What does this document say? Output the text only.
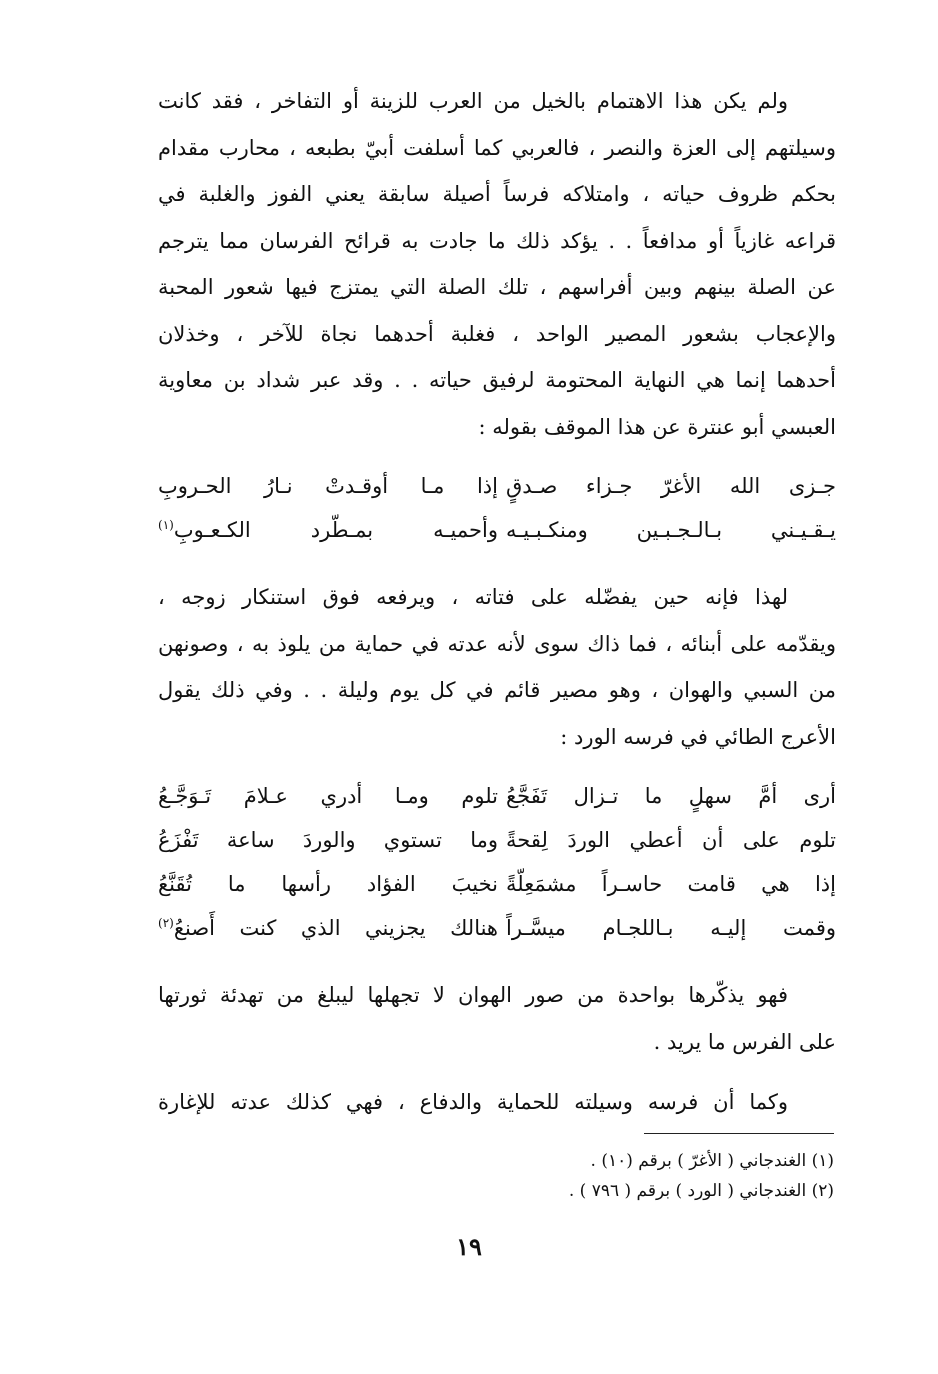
ولم يكن هذا الاهتمام بالخيل من العرب للزينة أو التفاخر ، فقد كانت
وسيلتهم إلى العزة والنصر ، فالعربي كما أسلفت أبيّ بطبعه ، محارب مقدام
بحكم ظروف حياته ، وامتلاكه فرساً أصيلة سابقة يعني الفوز والغلبة في
قراعه غازياً أو مدافعاً . . يؤكد ذلك ما جادت به قرائح الفرسان مما يترجم
عن الصلة بينهم وبين أفراسهم ، تلك الصلة التي يمتزج فيها شعور المحبة
والإعجاب بشعور المصير الواحد ، فغلبة أحدهما نجاة للآخر ، وخذلان
أحدهما إنما هي النهاية المحتومة لرفيق حياته . . وقد عبر شداد بن معاوية
العبسي أبو عنترة عن هذا الموقف بقوله :
جـزى الله الأغرّ جـزاء صـدقٍ
إذا مـا أوقـدتْ نـارُ الحـروبِ
يـقـيـني بـالـجـبـين ومنكـبـيـه
وأحميـه بمـطّرد الكـعـوبِ$^{(١)}$
لهذا فإنه حين يفضّله على فتاته ، ويرفعه فوق استنكار زوجه ،
ويقدّمه على أبنائه ، فما ذاك سوى لأنه عدته في حماية من يلوذ به ، وصونهن
من السبي والهوان ، وهو مصير قائم في كل يوم وليلة . . وفي ذلك يقول
الأعرج الطائي في فرسه الورد :
أرى أمَّ سهلٍ ما تـزال تَفَجَّعُ
تلوم ومـا أدري عـلامَ تَـوَجَّـعُ
تلوم على أن أعطي الوردَ لِقحةً
وما تستوي والوردَ ساعة تَفْزَعُ
إذا هي قامت حاسـراً مشمَعِلّةً
نخيبَ الفؤاد رأسها ما تُقَنَّعُ
وقمت إليـه بـاللجـام ميسَّـراً
هنالك يجزيني الذي كنت أَصنعُ$^{(٢)}$
فهو يذكّرها بواحدة من صور الهوان لا تجهلها ليبلغ من تهدئة ثورتها
على الفرس ما يريد .
وكما أن فرسه وسيلته للحماية والدفاع ، فهي كذلك عدته للإغارة
(١) الغندجاني ( الأغرّ ) برقم (١٠) .
(٢) الغندجاني ( الورد ) برقم ( ٧٩٦ ) .
١٩
